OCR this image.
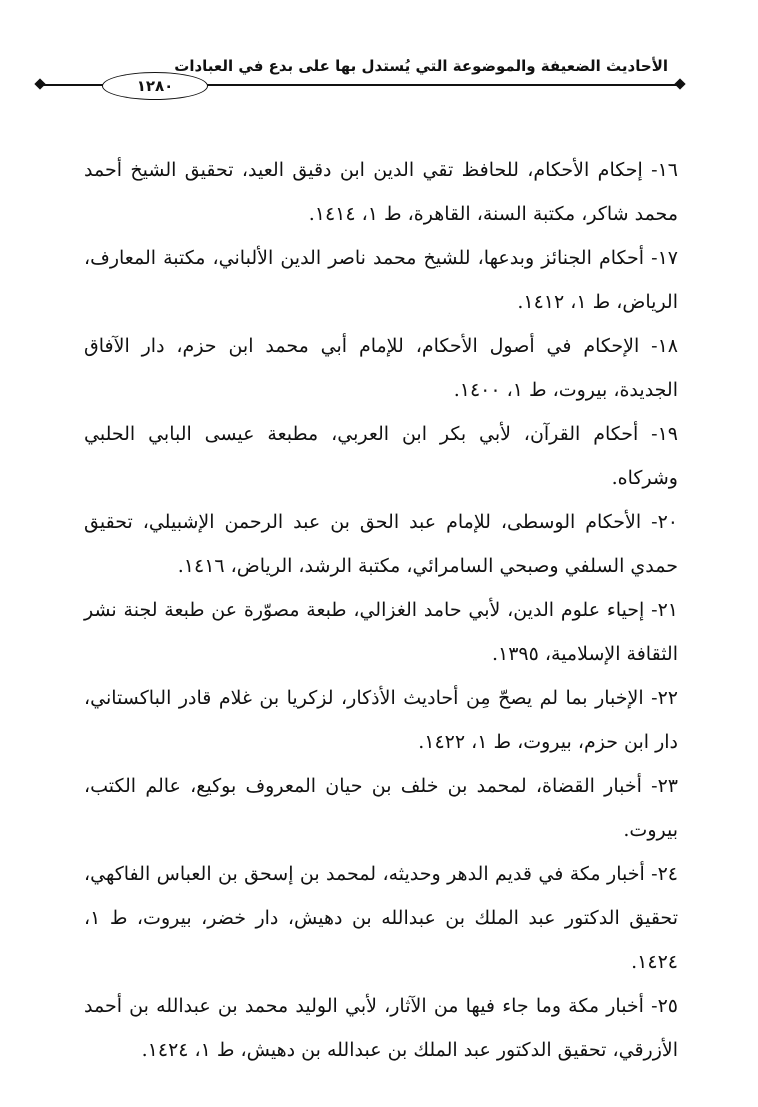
الأحاديث الضعيفة والموضوعة التي يُستدل بها على بدع في العبادات
١٢٨٠
١٦- إحكام الأحكام، للحافظ تقي الدين ابن دقيق العيد، تحقيق الشيخ أحمد محمد شاكر، مكتبة السنة، القاهرة، ط ١، ١٤١٤.
١٧- أحكام الجنائز وبدعها، للشيخ محمد ناصر الدين الألباني، مكتبة المعارف، الرياض، ط ١، ١٤١٢.
١٨- الإحكام في أصول الأحكام، للإمام أبي محمد ابن حزم، دار الآفاق الجديدة، بيروت، ط ١، ١٤٠٠.
١٩- أحكام القرآن، لأبي بكر ابن العربي، مطبعة عيسى البابي الحلبي وشركاه.
٢٠- الأحكام الوسطى، للإمام عبد الحق بن عبد الرحمن الإشبيلي، تحقيق حمدي السلفي وصبحي السامرائي، مكتبة الرشد، الرياض، ١٤١٦.
٢١- إحياء علوم الدين، لأبي حامد الغزالي، طبعة مصوّرة عن طبعة لجنة نشر الثقافة الإسلامية، ١٣٩٥.
٢٢- الإخبار بما لم يصحّ مِن أحاديث الأذكار، لزكريا بن غلام قادر الباكستاني، دار ابن حزم، بيروت، ط ١، ١٤٢٢.
٢٣- أخبار القضاة، لمحمد بن خلف بن حيان المعروف بوكيع، عالم الكتب، بيروت.
٢٤- أخبار مكة في قديم الدهر وحديثه، لمحمد بن إسحق بن العباس الفاكهي، تحقيق الدكتور عبد الملك بن عبدالله بن دهيش، دار خضر، بيروت، ط ١، ١٤٢٤.
٢٥- أخبار مكة وما جاء فيها من الآثار، لأبي الوليد محمد بن عبدالله بن أحمد الأزرقي، تحقيق الدكتور عبد الملك بن عبدالله بن دهيش، ط ١، ١٤٢٤.
